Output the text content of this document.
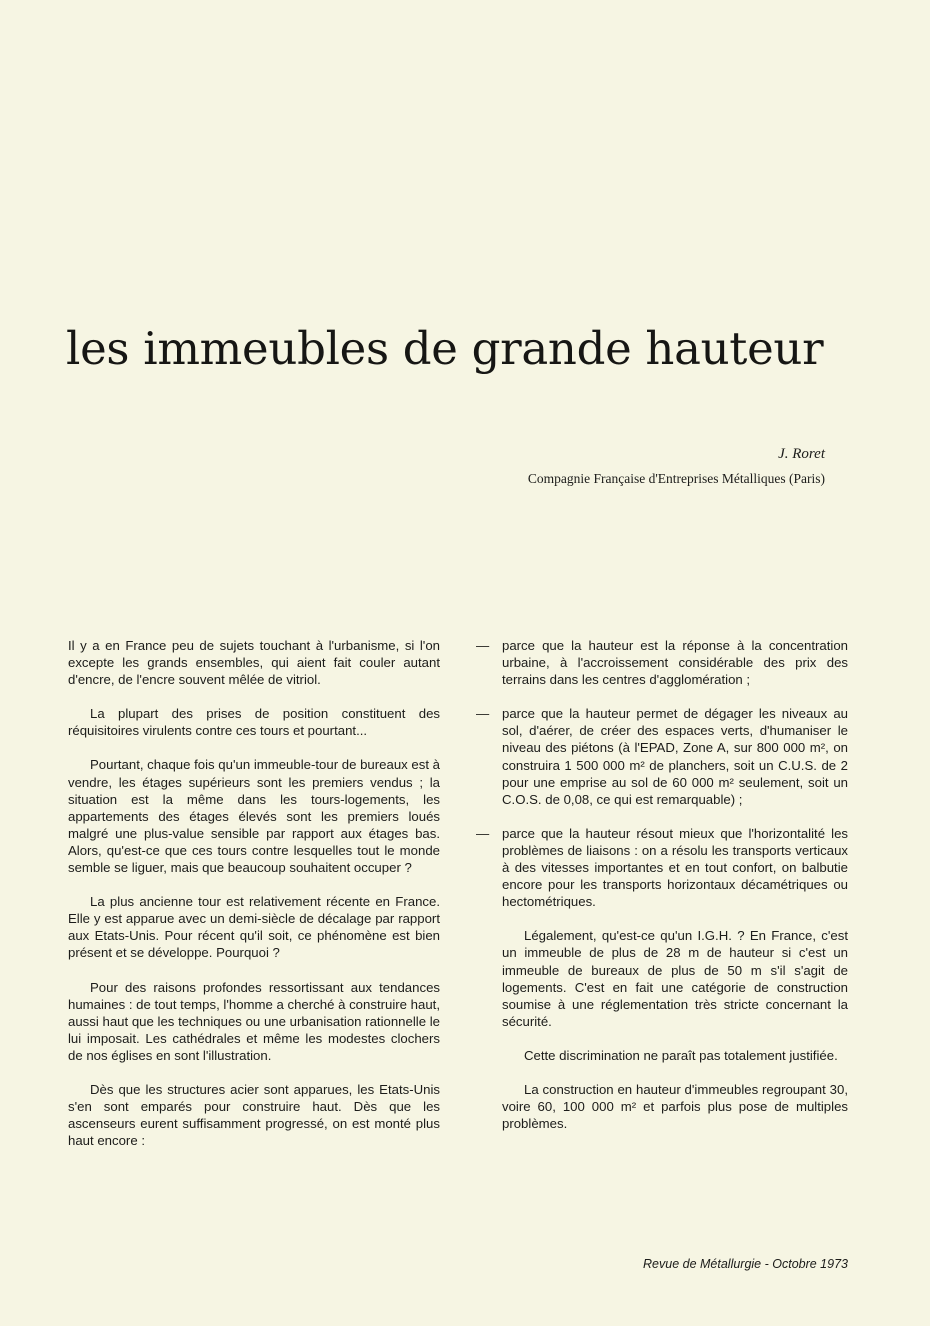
les immeubles de grande hauteur

J. Roret

Compagnie Française d'Entreprises Métalliques (Paris)

Il y a en France peu de sujets touchant à l'urbanisme, si l'on excepte les grands ensembles, qui aient fait couler autant d'encre, de l'encre souvent mêlée de vitriol.

La plupart des prises de position constituent des réquisitoires virulents contre ces tours et pourtant...

Pourtant, chaque fois qu'un immeuble-tour de bureaux est à vendre, les étages supérieurs sont les premiers vendus ; la situation est la même dans les tours-logements, les appartements des étages élevés sont les premiers loués malgré une plus-value sensible par rapport aux étages bas. Alors, qu'est-ce que ces tours contre lesquelles tout le monde semble se liguer, mais que beaucoup souhaitent occuper ?

La plus ancienne tour est relativement récente en France. Elle y est apparue avec un demi-siècle de décalage par rapport aux Etats-Unis. Pour récent qu'il soit, ce phénomène est bien présent et se développe. Pourquoi ?

Pour des raisons profondes ressortissant aux tendances humaines : de tout temps, l'homme a cherché à construire haut, aussi haut que les techniques ou une urbanisation rationnelle le lui imposait. Les cathédrales et même les modestes clochers de nos églises en sont l'illustration.

Dès que les structures acier sont apparues, les Etats-Unis s'en sont emparés pour construire haut. Dès que les ascenseurs eurent suffisamment progressé, on est monté plus haut encore :

— parce que la hauteur est la réponse à la concentration urbaine, à l'accroissement considérable des prix des terrains dans les centres d'agglomération ;
— parce que la hauteur permet de dégager les niveaux au sol, d'aérer, de créer des espaces verts, d'humaniser le niveau des piétons (à l'EPAD, Zone A, sur 800 000 m², on construira 1 500 000 m² de planchers, soit un C.U.S. de 2 pour une emprise au sol de 60 000 m² seulement, soit un C.O.S. de 0,08, ce qui est remarquable) ;
— parce que la hauteur résout mieux que l'horizontalité les problèmes de liaisons : on a résolu les transports verticaux à des vitesses importantes et en tout confort, on balbutie encore pour les transports horizontaux décamétriques ou hectométriques.

Légalement, qu'est-ce qu'un I.G.H. ? En France, c'est un immeuble de plus de 28 m de hauteur si c'est un immeuble de bureaux de plus de 50 m s'il s'agit de logements. C'est en fait une catégorie de construction soumise à une réglementation très stricte concernant la sécurité.

Cette discrimination ne paraît pas totalement justifiée.

La construction en hauteur d'immeubles regroupant 30, voire 60, 100 000 m² et parfois plus pose de multiples problèmes.

Revue de Métallurgie - Octobre 1973
